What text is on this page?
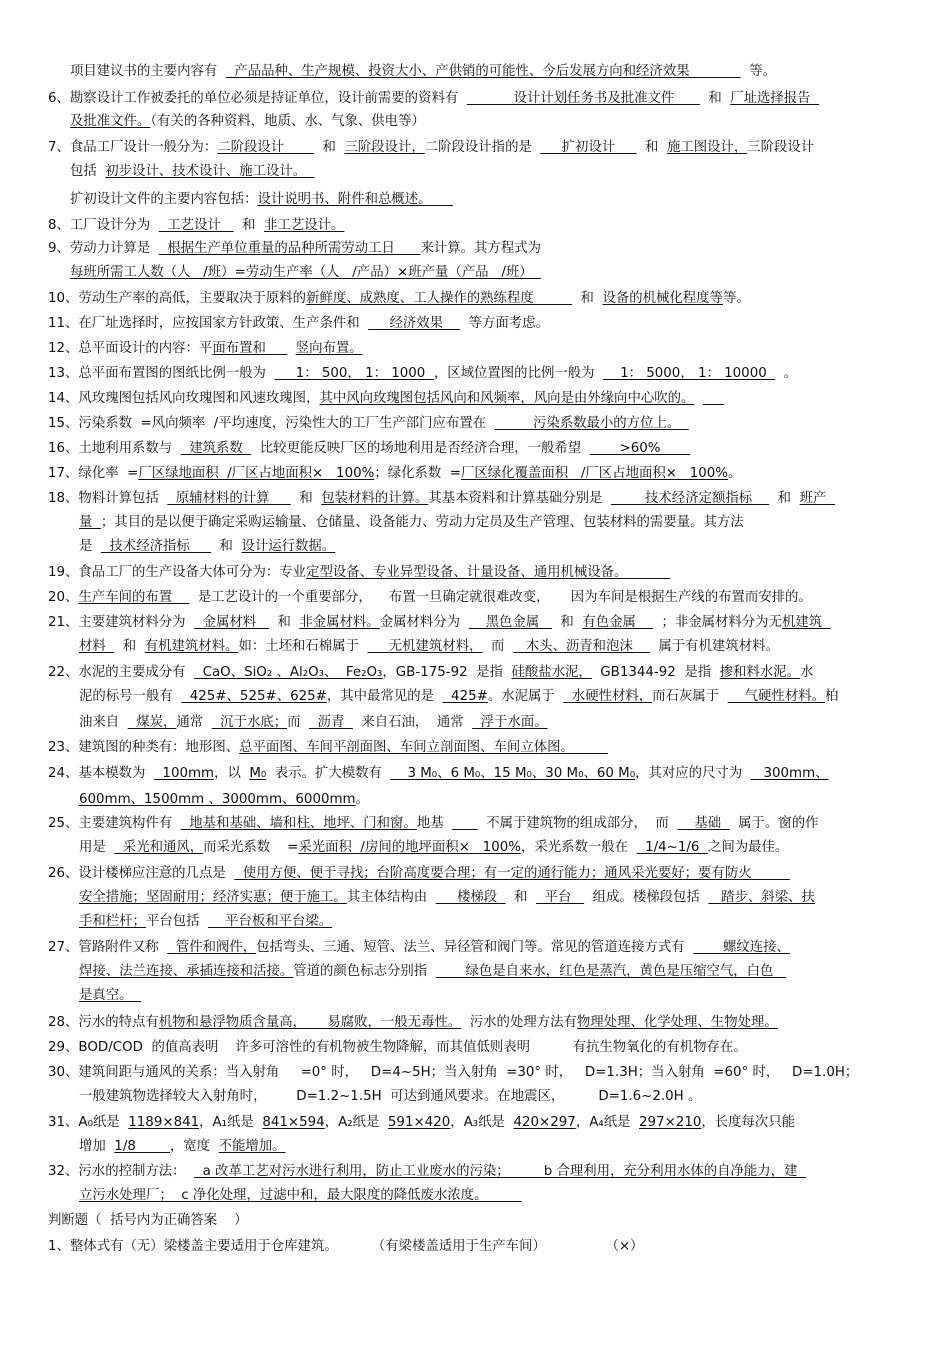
项目建议书的主要内容有    产品品种、生产规模、投资大小、产供销的可能性、今后发展方向和经济效果              等。
6、勘察设计工作被委托的单位必须是持证单位，设计前需要的资料有             设计计划任务书及批准文件        和  厂址选择报告
及批准文件。（有关的各种资料，地质、水、气象、供电等）
7、食品工厂设计一般分为：二阶段设计         和  三阶段设计，二阶段设计指的是       扩初设计       和  施工图设计，三阶段设计
包括  初步设计、技术设计、施工设计。
扩初设计文件的主要内容包括：设计说明书、附件和总概述。
8、工厂设计分为    工艺设计     和  非工艺设计。
9、劳动力计算是    根据生产单位重量的品种所需劳动工日      来计算。其方程式为
每班所需工人数（人   /班）=劳动生产率（人   /产品）×班产量（产品   /班）
10、劳动生产率的高低，主要取决于原料的新鲜度、成熟度、工人操作的熟练程度           和  设备的机械化程度等等。
11、在厂址选择时，应按国家方针政策、生产条件和       经济效果      等方面考虑。
12、总平面设计的内容：平面布置和       竖向布置。
13、总平面布置图的图纸比例一般为       1： 500， 1： 1000  ，区域位置图的比例一般为      1： 5000， 1： 10000    。
14、风玫瑰图包括风向玫瑰图和风速玫瑰图，其中风向玫瑰图包括风向和风频率，风向是由外缘向中心吹的。
15、污染系数  =风向频率  /平均速度，污染性大的工厂生产部门应布置在           污染系数最小的方位上。
16、土地利用系数与    建筑系数    比较更能反映厂区的场地利用是否经济合理，一般希望         >60%
17、绿化率  =厂区绿地面积  /厂区占地面积×   100%；绿化系数  =厂区绿化覆盖面积   /厂区占地面积×   100%。
18、物料计算包括    原辅材料的计算       和  包装材料的计算。其基本资料和计算基础分别是          技术经济定额指标      和  班产
量  ；其目的是以便于确定采购运输量、仓储量、设备能力、劳动力定员及生产管理、包装材料的需要量。其方法
是    技术经济指标       和  设计运行数据。
19、食品工厂的生产设备大体可分为：专业定型设备、专业异型设备、计量设备、通用机械设备。
20、生产车间的布置      是工艺设计的一个重要部分，    布置一旦确定就很难改变，     因为车间是根据生产线的布置而安排的。
21、主要建筑材料分为    金属材料     和  非金属材料。金属材料分为      黑色金属     和  有色金属      ；非金属材料分为无机建筑
材料    和  有机建筑材料。如：土坯和石棉属于       无机建筑材料，  而     木头、沥青和泡沫      属于有机建筑材料。
22、水泥的主要成分有    CaO、SiO₂ 、Al₂O₃、  Fe₂O₃，GB-175-92  是指  硅酸盐水泥，  GB1344-92  是指  掺和料水泥。水
泥的标号一般有    425#、525#、625#，其中最常见的是    425#。水泥属于    水硬性材料，而石灰属于      气硬性材料。柏
油来自    煤炭，通常    沉于水底；而    沥青    来自石油，  通常    浮于水面。
23、建筑图的种类有：地形图、总平面图、车间平剖面图、车间立剖面图、车间立体图。
24、基本模数为    100mm，以  M₀  表示。扩大模数有      3 M₀、6 M₀、15 M₀、30 M₀、60 M₀，其对应的尺寸为     300mm、
600mm、1500mm 、3000mm、6000mm。
25、主要建筑构件有    地基和基础、墙和柱、地坪、门和窗。地基          不属于建筑物的组成部分，  而      基础    属于。窗的作
用是    采光和通风，而采光系数    =采光面积  /房间的地坪面积×   100%，采光系数一般在    1/4~1/6  之间为最佳。
26、设计楼梯应注意的几点是    使用方便、便于寻找；台阶高度要合理；有一定的通行能力；通风采光要好；要有防火
安全措施；坚固耐用；经济实惠；便于施工。其主体结构由       楼梯段    和    平台     组成。楼梯段包括     踏步、斜梁、扶
手和栏杆；平台包括      平台板和平台梁。
27、管路附件又称    管件和阀件，包括弯头、三通、短管、法兰、异径管和阀门等。常见的管道连接方式有         螺纹连接、
焊接、法兰连接、承插连接和活接。管道的颜色标志分别指         绿色是自来水，红色是蒸汽，黄色是压缩空气，白色
是真空。
28、污水的特点有机物和悬浮物质含量高，     易腐败，一般无毒性。  污水的处理方法有物理处理、化学处理、生物处理。
29、BOD/COD  的值高表明    许多可溶性的有机物被生物降解，而其值低则表明          有抗生物氧化的有机物存在。
30、建筑间距与通风的关系：当入射角     =0° 时，   D=4~5H；当入射角  =30° 时，   D=1.3H；当入射角  =60° 时，   D=1.0H；
一般建筑物选择较大入射角时，       D=1.2~1.5H  可达到通风要求。在地震区，        D=1.6~2.0H 。
31、A₀纸是  1189×841，A₁纸是  841×594，A₂纸是  591×420，A₃纸是  420×297，A₄纸是  297×210，长度每次只能
增加  1/8        ，宽度  不能增加。
32、污水的控制方法：    a 改革工艺对污水进行利用，防止工业废水的污染；        b 合理利用，充分利用水体的自净能力，建
立污水处理厂；  c 净化处理，过滤中和，最大限度的降低废水浓度。
判断题（  括号内为正确答案    ）
1、整体式有（无）梁楼盖主要适用于仓库建筑。        （有梁楼盖适用于生产车间）              （×）
